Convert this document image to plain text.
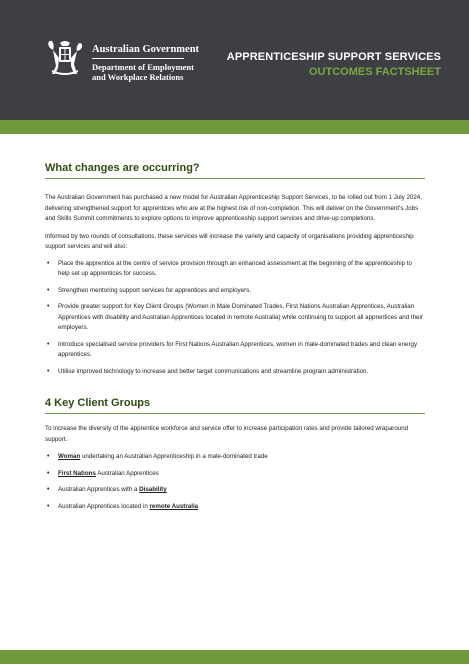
Australian Government
Department of Employment
and Workplace Relations
APPRENTICESHIP SUPPORT SERVICES
OUTCOMES FACTSHEET
What changes are occurring?

The Australian Government has purchased a new model for Australian Apprenticeship Support Services, to be rolled out from 1 July 2024, delivering strengthened support for apprentices who are at the highest risk of non-completion. This will deliver on the Government's Jobs and Skills Summit commitments to explore options to improve apprenticeship support services and drive-up completions.

Informed by two rounds of consultations, these services will increase the variety and capacity of organisations providing apprenticeship support services and will also:

• Place the apprentice at the centre of service provision through an enhanced assessment at the beginning of the apprenticeship to help set up apprentices for success.
• Strengthen mentoring support services for apprentices and employers.
• Provide greater support for Key Client Groups (Women in Male Dominated Trades, First Nations Australian Apprentices, Australian Apprentices with disability and Australian Apprentices located in remote Australia) while continuing to support all apprentices and their employers.
• Introduce specialised service providers for First Nations Australian Apprentices, women in male-dominated trades and clean energy apprentices.
• Utilise improved technology to increase and better target communications and streamline program administration.
4 Key Client Groups

To increase the diversity of the apprentice workforce and service offer to increase participation rates and provide tailored wraparound support.

• Woman undertaking an Australian Apprenticeship in a male-dominated trade
• First Nations Australian Apprentices
• Australian Apprentices with a Disability
• Australian Apprentices located in remote Australia
